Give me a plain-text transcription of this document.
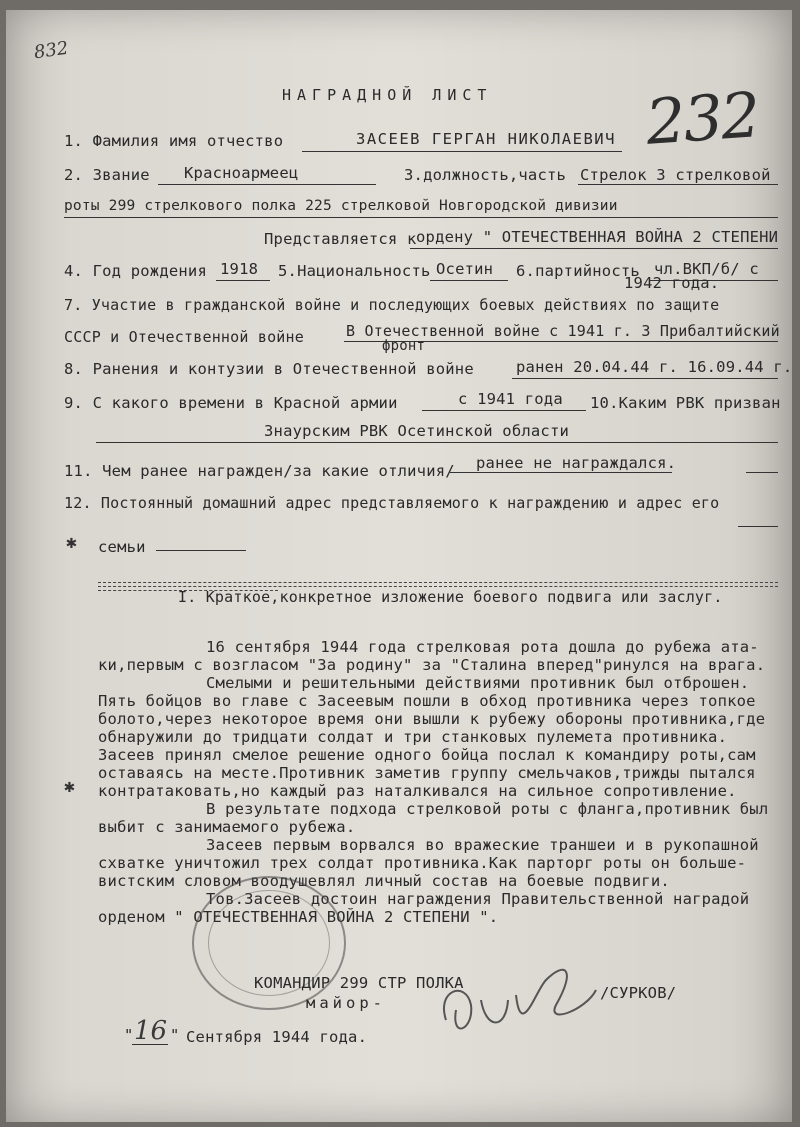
832
232
НАГРАДНОЙ ЛИСТ
1. Фамилия имя отчество	ЗАСЕЕВ ГЕРГАН НИКОЛАЕВИЧ
2. Звание Красноармеец	3.должность,часть Стрелок 3 стрелковой
роты 299 стрелкового полка 225 стрелковой Новгородской дивизии
Представляется к ордену " ОТЕЧЕСТВЕННАЯ ВОЙНА 2 СТЕПЕНИ
4. Год рождения 1918 5.Национальность Осетин 6.партийность чл.ВКП/б/ с
1942 года.
7. Участие в гражданской войне и последующих боевых действиях по защите
СССР и Отечественной войне	В Отечественной войне с 1941 г. 3 Прибалтийский
фронт
8. Ранения и контузии в Отечественной войне	ранен 20.04.44 г. 16.09.44 г.
9. С какого времени в Красной армии	с 1941 года 10.Каким РВК призван
Знаурским РВК Осетинской области
11. Чем ранее награжден/за какие отличия/ ранее не награждался.
12. Постоянный домашний адрес представляемого к награждению и адрес его
✱ семьи
I. Краткое,конкретное изложение боевого подвига или заслуг.
16 сентября 1944 года стрелковая рота дошла до рубежа ата-
ки,первым с возгласом "За родину" за "Сталина вперед"ринулся на врага.
Смелыми и решительными действиями противник был отброшен.
Пять бойцов во главе с Засеевым пошли в обход противника через топкое
болото,через некоторое время они вышли к рубежу обороны противника,где
обнаружили до тридцати солдат и три станковых пулемета противника.
Засеев принял смелое решение одного бойца послал к командиру роты,сам
✱
оставаясь на месте.Противник заметив группу смельчаков,трижды пытался
контратаковать,но каждый раз наталкивался на сильное сопротивление.
В результате подхода стрелковой роты с фланга,противник был
выбит с занимаемого рубежа.
Засеев первым ворвался во вражеские траншеи и в рукопашной
схватке уничтожил трех солдат противника.Как парторг роты он больше-
вистским словом воодушевлял личный состав на боевые подвиги.
Тов.Засеев достоин награждения Правительственной наградой
орденом " ОТЕЧЕСТВЕННАЯ ВОЙНА 2 СТЕПЕНИ ".
КОМАНДИР 299 СТР ПОЛКА
майор-
/СУРКОВ/
" 16 " Сентября 1944 года.
